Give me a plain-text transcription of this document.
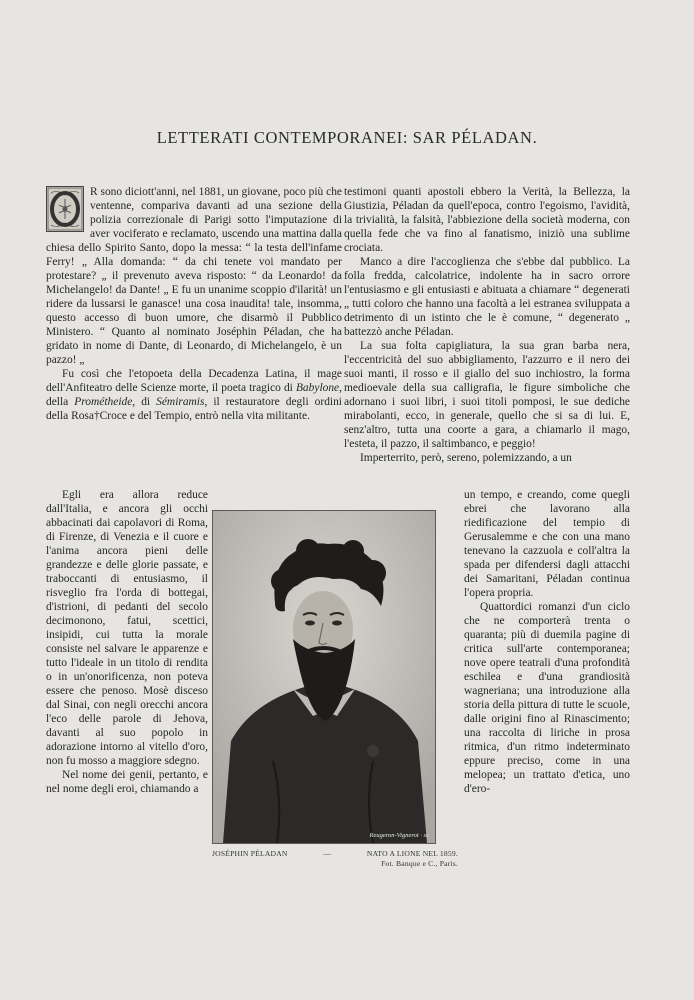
LETTERATI CONTEMPORANEI: SAR PÉLADAN.
O

R sono diciott'anni, nel 1881, un giovane, poco più che ventenne, compariva davanti ad una sezione della polizia correzionale di Parigi sotto l'imputazione di aver vociferato e reclamato, uscendo una mattina dalla chiesa dello Spirito Santo, dopo la messa: “ la testa dell'infame Ferry! „ Alla domanda: “ da chi tenete voi mandato per protestare? „ il prevenuto aveva risposto: “ da Leonardo! da Michelangelo! da Dante! „ E fu un unanime scoppio d'ilarità! un ridere da lussarsi le ganasce! una cosa inaudita! tale, insomma, questo accesso di buon umore, che disarmò il Pubblico Ministero. “ Quanto al nominato Joséphin Péladan, che ha gridato in nome di Dante, di Leonardo, di Michelangelo, è un pazzo! „

Fu così che l'etopoeta della Decadenza Latina, il mage dell'Anfiteatro delle Scienze morte, il poeta tragico di Babylone, della Prométheide, di Sémiramis, il restauratore degli ordini della Rosa†Croce e del Tempio, entrò nella vita militante.

testimoni quanti apostoli ebbero la Verità, la Bellezza, la Giustizia, Péladan da quell'epoca, contro l'egoismo, l'avidità, la trivialità, la falsità, l'abbiezione della società moderna, con quella fede che va fino al fanatismo, iniziò una sublime crociata.

Manco a dire l'accoglienza che s'ebbe dal pubblico. La folla fredda, calcolatrice, indolente ha in sacro orrore l'entusiasmo e gli entusiasti e abituata a chiamare “ degenerati „ tutti coloro che hanno una facoltà a lei estranea sviluppata a detrimento di un istinto che le è comune, “ degenerato „ battezzò anche Péladan.

La sua folta capigliatura, la sua gran barba nera, l'eccentricità del suo abbigliamento, l'azzurro e il nero dei suoi manti, il rosso e il giallo del suo inchiostro, la forma medioevale della sua calligrafia, le figure simboliche che adornano i suoi libri, i suoi titoli pomposi, le sue dediche mirabolanti, ecco, in generale, quello che si sa di lui. E, senz'altro, tutta una coorte a gara, a chiamarlo il mago, l'esteta, il pazzo, il saltimbanco, e peggio!

Imperterrito, però, sereno, polemizzando, a un

Egli era allora reduce dall'Italia, e ancora gli occhi abbacinati dai capolavori di Roma, di Firenze, di Venezia e il cuore e l'anima ancora pieni delle grandezze e delle glorie passate, e traboccanti di entusiasmo, il risveglio fra l'orda di bottegai, d'istrioni, di pedanti del secolo decimonono, fatui, scettici, insipidi, cui tutta la morale consiste nel salvare le apparenze e tutto l'ideale in un titolo di rendita o in un'onorificenza, non poteva essere che penoso. Mosè disceso dal Sinai, con negli orecchi ancora l'eco delle parole di Jehova, davanti al suo popolo in adorazione intorno al vitello d'oro, non fu mosso a maggiore sdegno.

Nel nome dei genii, pertanto, e nel nome degli eroi, chiamando a

un tempo, e creando, come quegli ebrei che lavorano alla riedificazione del tempio di Gerusalemme e che con una mano tenevano la cazzuola e coll'altra la spada per difendersi dagli attacchi dei Samaritani, Péladan continua l'opera propria.

Quattordici romanzi d'un ciclo che ne comporterà trenta o quaranta; più di duemila pagine di critica sull'arte contemporanea; nove opere teatrali d'una profondità eschilea e d'una grandiosità wagneriana; una introduzione alla storia della pittura di tutte le scuole, dalle origini fino al Rinascimento; una raccolta di liriche in prosa ritmica, d'un ritmo indeterminato eppure preciso, come in una melopea; un trattato d'etica, uno d'ero-

Reugeron-Vignerot · sc
JOSÉPHIN PÉLADAN	—	NATO A LIONE NEL 1859.
Fot. Banque e C., Paris.
